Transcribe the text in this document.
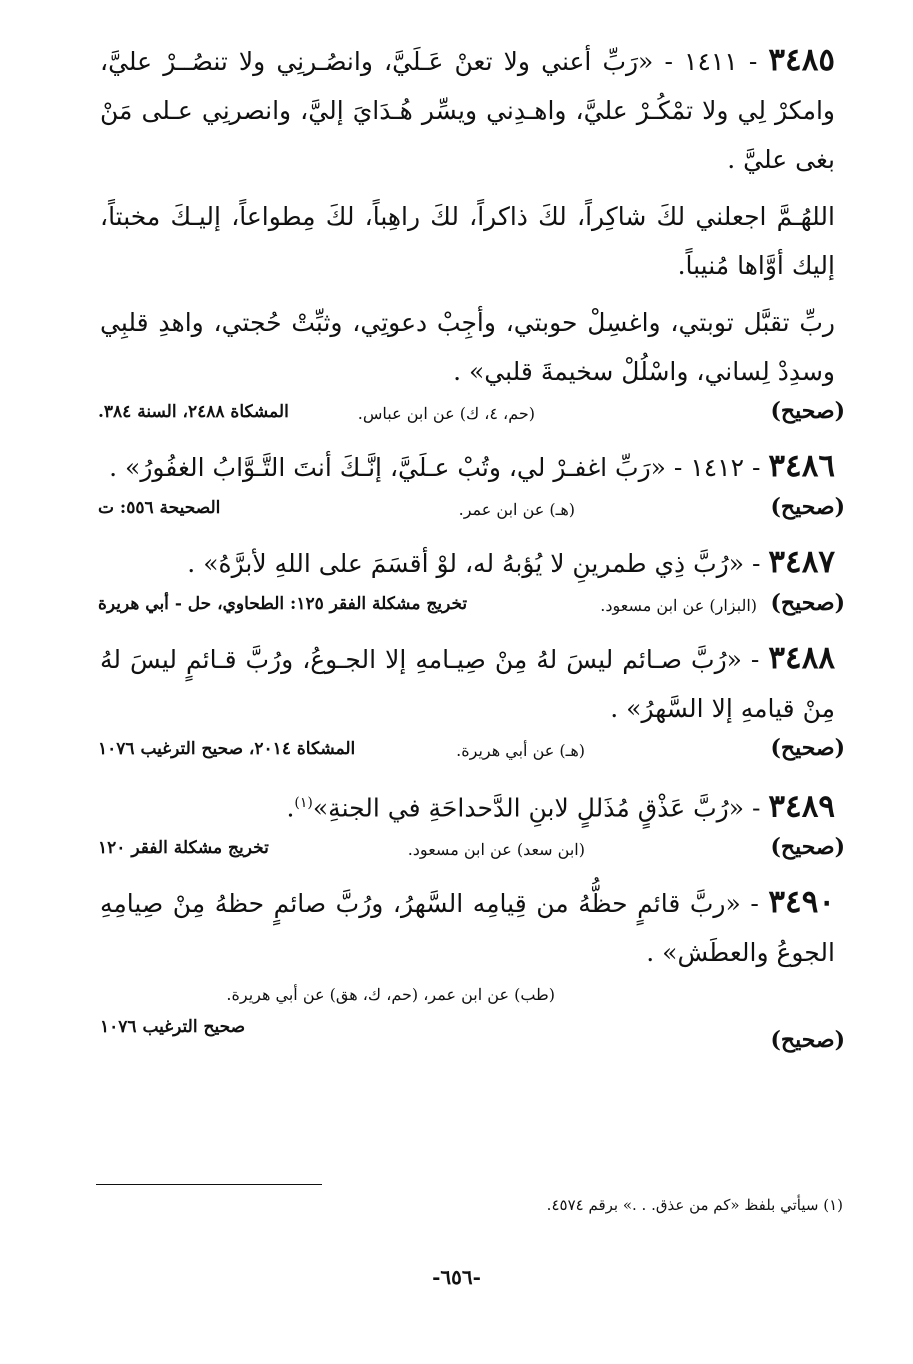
٣٤٨٥ - ١٤١١ - «رَبِّ أعني ولا تعنْ عَـلَيَّ، وانصُـرنِي ولا تنصُــرْ عليَّ، وامكرْ لِي ولا تمْكُـرْ عليَّ، واهـدِني ويسِّر هُـدَايَ إليَّ، وانصرنِي عـلى مَنْ بغى عليَّ .

اللهُـمَّ اجعلني لكَ شاكِراً، لكَ ذاكراً، لكَ راهِباً، لكَ مِطواعاً، إليـكَ مخبتاً، إليك أوَّاها مُنيباً.

ربِّ تقبَّل توبتي، واغسِلْ حوبتي، وأجِبْ دعوتِي، وثبِّتْ حُجتي، واهدِ قلبِي وسدِدْ لِساني، واسْلُلْ سخيمةَ قلبي» .

(صحيح)
(حم، ٤، ك) عن ابن عباس.
المشكاة ٢٤٨٨، السنة ٣٨٤.

٣٤٨٦ - ١٤١٢ - «رَبِّ اغفـرْ لي، وتُبْ عـلَيَّ، إنَّـكَ أنتَ التَّـوَّابُ الغفُورُ» .

(صحيح)
(هـ) عن ابن عمر.
الصحيحة ٥٥٦: ت

٣٤٨٧ - «رُبَّ ذِي طمرينِ لا يُؤبهُ له، لوْ أقسَمَ على اللهِ لأبرَّهُ» .

(صحيح)
(البزار) عن ابن مسعود.
تخريج مشكلة الفقر ١٢٥: الطحاوي، حل - أبي هريرة

٣٤٨٨ - «رُبَّ صـائم ليسَ لهُ مِنْ صِيـامهِ إلا الجـوعُ، ورُبَّ قـائمٍ ليسَ لهُ مِنْ قيامهِ إلا السَّهرُ» .

(صحيح)
(هـ) عن أبي هريرة.
المشكاة ٢٠١٤، صحيح الترغيب ١٠٧٦

٣٤٨٩ - «رُبَّ عَذْقٍ مُذَللٍ لابنِ الدَّحداحَةِ في الجنةِ»$^{(١)}$.

(صحيح)
(ابن سعد) عن ابن مسعود.
تخريج مشكلة الفقر ١٢٠

٣٤٩٠ - «ربَّ قائمٍ حظُّهُ من قِيامِه السَّهرُ، ورُبَّ صائمٍ حظهُ مِنْ صِيامِهِ الجوعُ والعطَش» .

(طب) عن ابن عمر، (حم، ك، هق) عن أبي هريرة.
صحيح الترغيب ١٠٧٦	(صحيح)
(١) سيأتي بلفظ «كم من عذق. . .» برقم ٤٥٧٤.
-٦٥٦-
